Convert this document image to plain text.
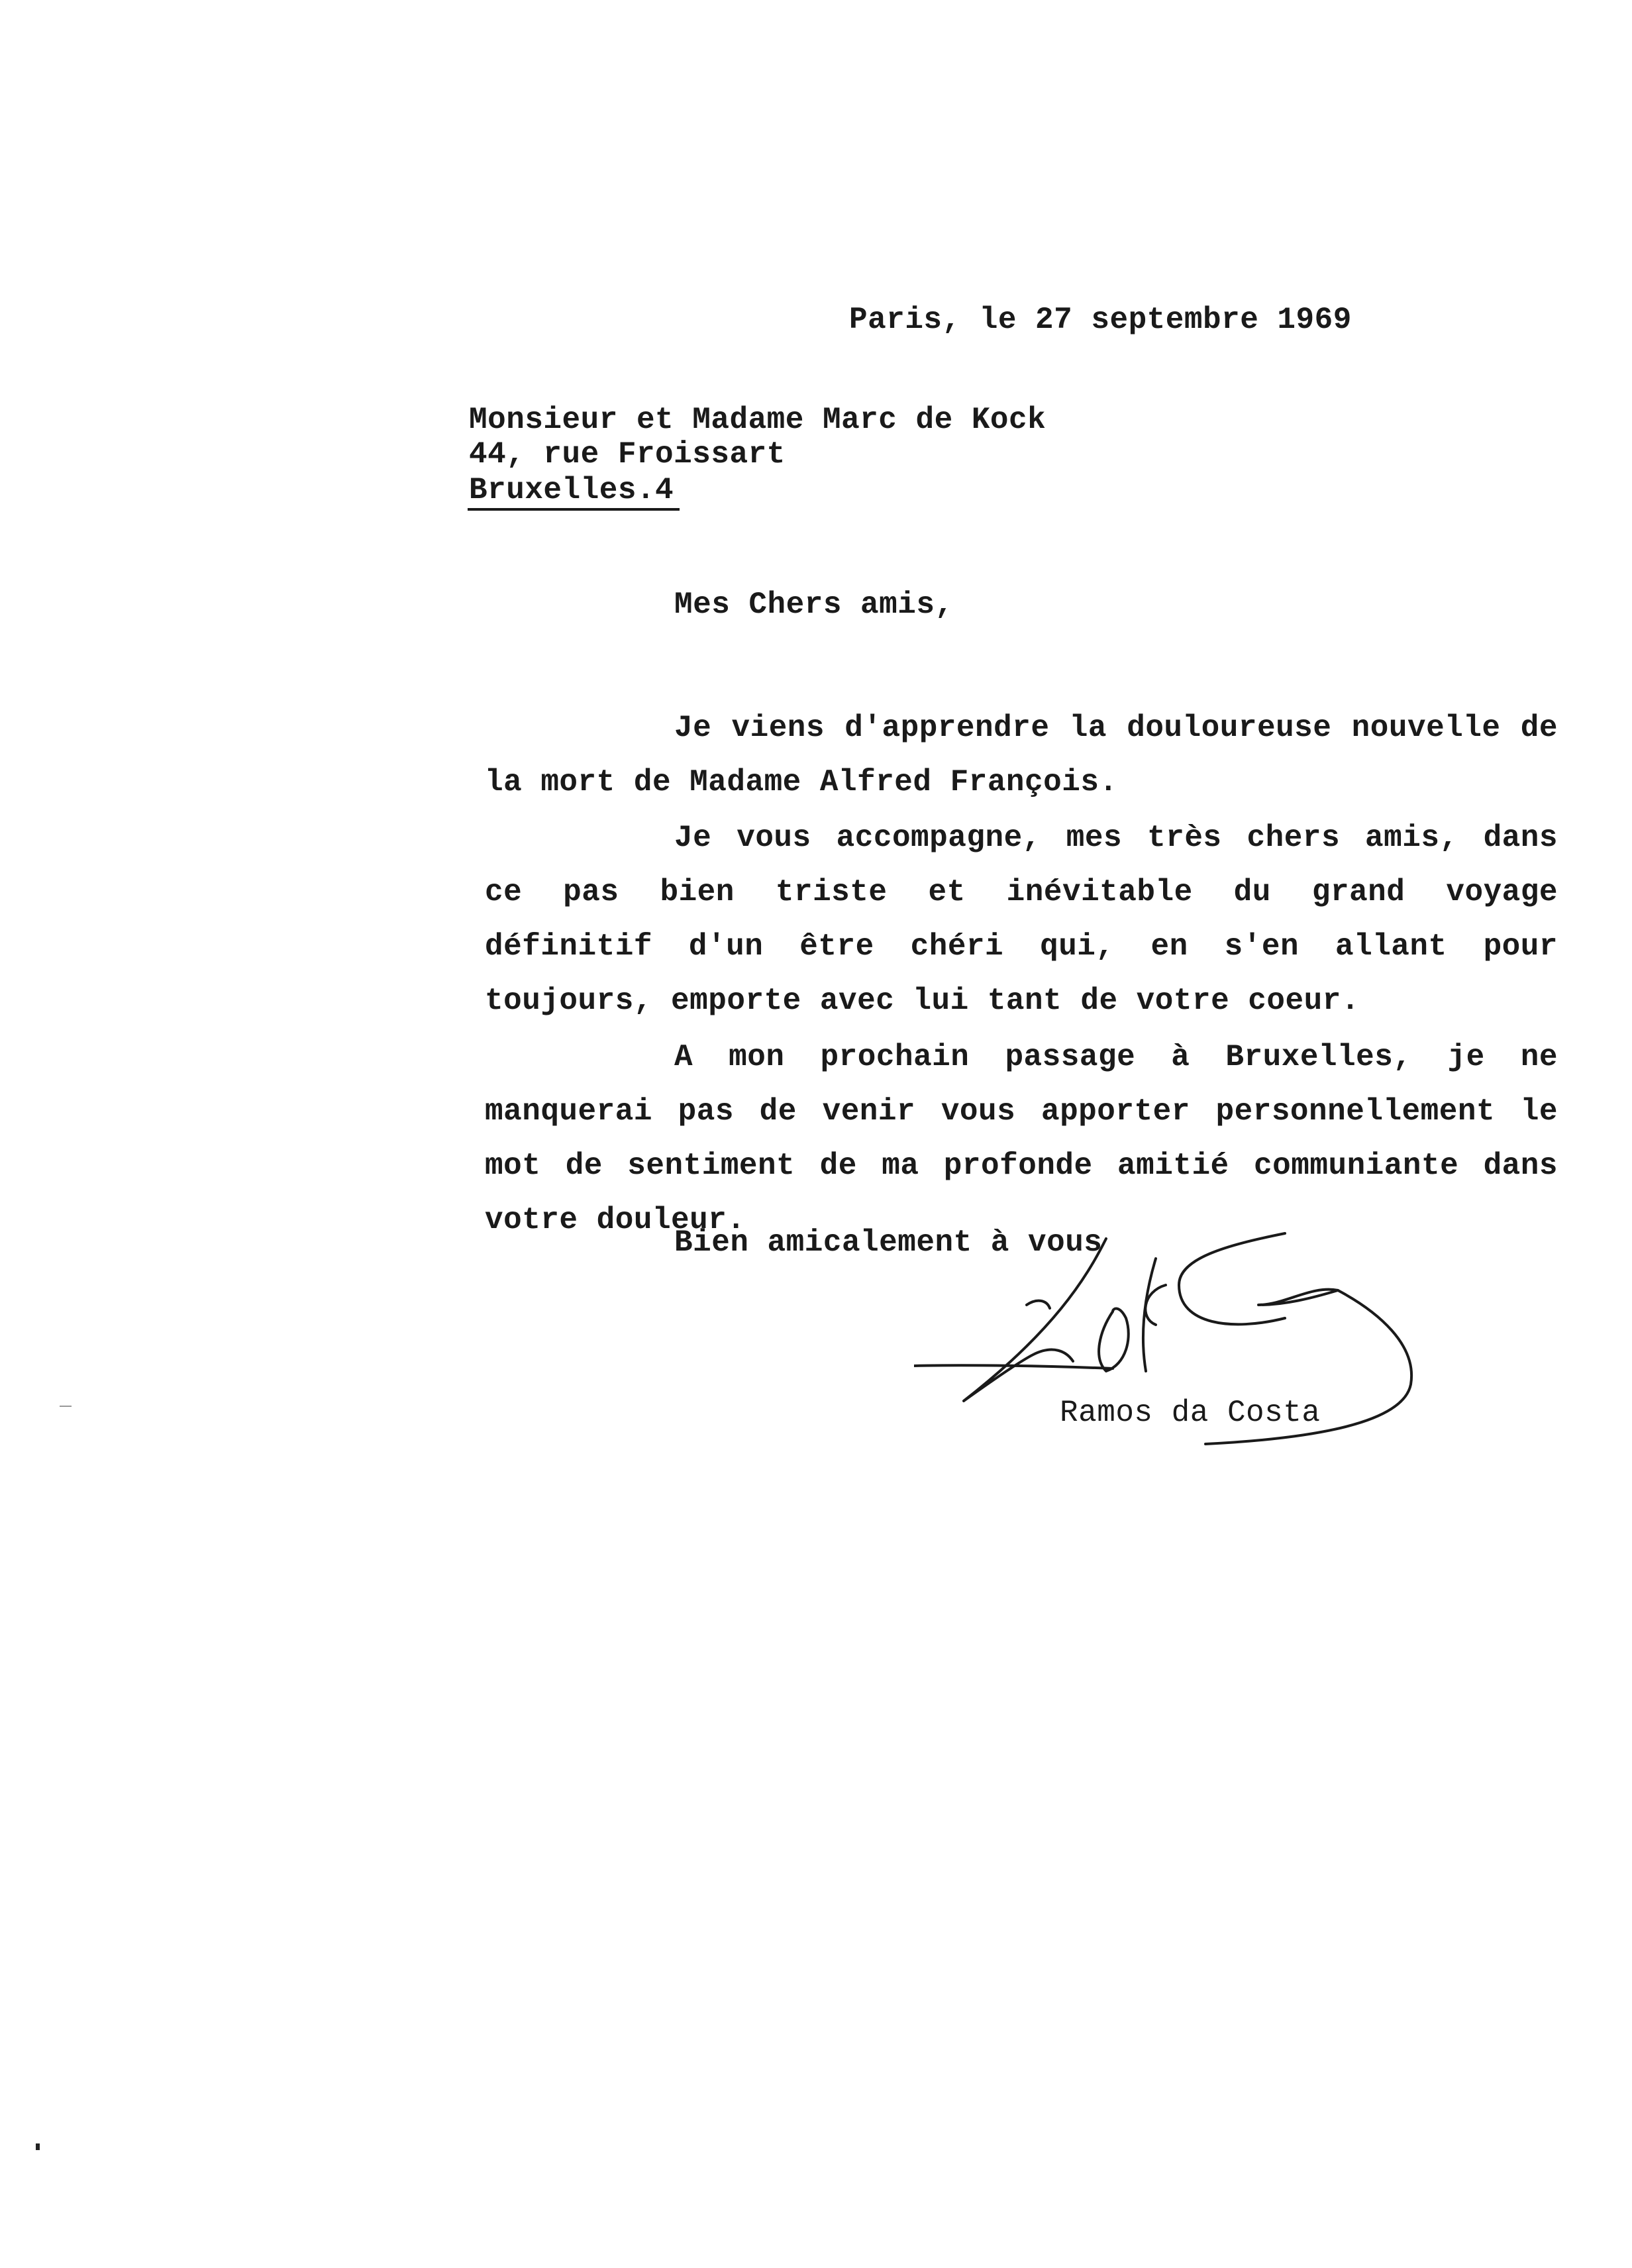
Paris, le 27 septembre 1969
Monsieur et Madame Marc de Kock
44, rue Froissart
Bruxelles.4
Mes Chers amis,
Je viens d'apprendre la douloureuse nouvelle de la mort de Madame Alfred François.
Je vous accompagne, mes très chers amis, dans ce pas bien triste et inévitable du grand voyage définitif d'un être chéri qui, en s'en allant pour toujours, emporte avec lui tant de votre coeur.
A mon prochain passage à Bruxelles, je ne manquerai pas de venir vous apporter personnellement le mot de sentiment de ma profonde amitié communiante dans votre douleur.
Bien amicalement à vous
Ramos da Costa
